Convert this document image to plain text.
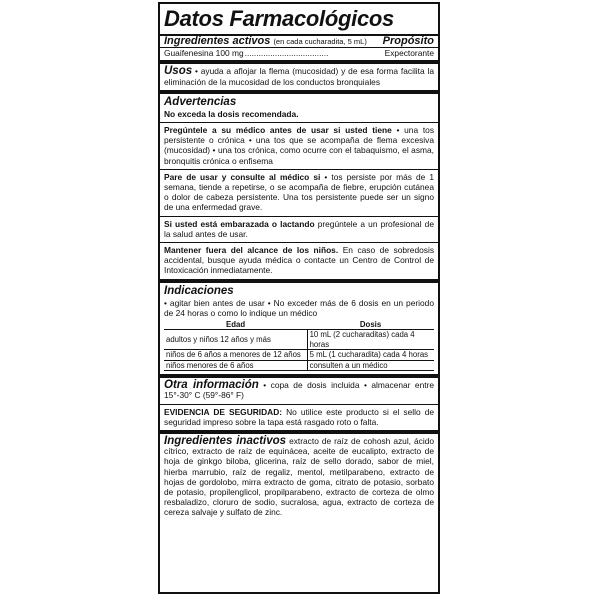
Datos Farmacológicos
Ingredientes activos (en cada cucharadita, 5 mL) Propósito
Guaifenesina 100 mg ....................................	Expectorante

Usos • ayuda a aflojar la flema (mucosidad) y de esa forma facilita la eliminación de la mucosidad de los conductos bronquiales

Advertencias

No exceda la dosis recomendada.

Pregúntele a su médico antes de usar si usted tiene • una tos persistente o crónica • una tos que se acompaña de flema excesiva (mucosidad) • una tos crónica, como ocurre con el tabaquismo, el asma, bronquitis crónica o enfisema

Pare de usar y consulte al médico si • tos persiste por más de 1 semana, tiende a repetirse, o se acompaña de fiebre, erupción cutánea o dolor de cabeza persistente. Una tos persistente puede ser un signo de una enfermedad grave.

Si usted está embarazada o lactando pregúntele a un profesional de la salud antes de usar.

Mantener fuera del alcance de los niños. En caso de sobredosis accidental, busque ayuda médica o contacte un Centro de Control de Intoxicación inmediatamente.

Indicaciones

• agitar bien antes de usar • No exceder más de 6 dosis en un periodo de 24 horas o como lo indique un médico

Edad	Dosis
adultos y niños 12 años y más	10 mL (2 cucharaditas) cada 4 horas
niños de 6 años a menores de 12 años	5 mL (1 cucharadita) cada 4 horas
niños menores de 6 años	consulten a un médico

Otra información • copa de dosis incluida • almacenar entre 15°-30° C (59°-86° F)

EVIDENCIA DE SEGURIDAD: No utilice este producto si el sello de seguridad impreso sobre la tapa está rasgado roto o falta.

Ingredientes inactivos extracto de raíz de cohosh azul, ácido cítrico, extracto de raíz de equinácea, aceite de eucalipto, extracto de hoja de ginkgo biloba, glicerina, raíz de sello dorado, sabor de miel, hierba marrubio, raíz de regaliz, mentol, metilparabeno, extracto de hojas de gordolobo, mirra extracto de goma, citrato de potasio, sorbato de potasio, propilenglicol, propilparabeno, extracto de corteza de olmo resbaladizo, cloruro de sodio, sucralosa, agua, extracto de corteza de cereza salvaje y sulfato de zinc.
